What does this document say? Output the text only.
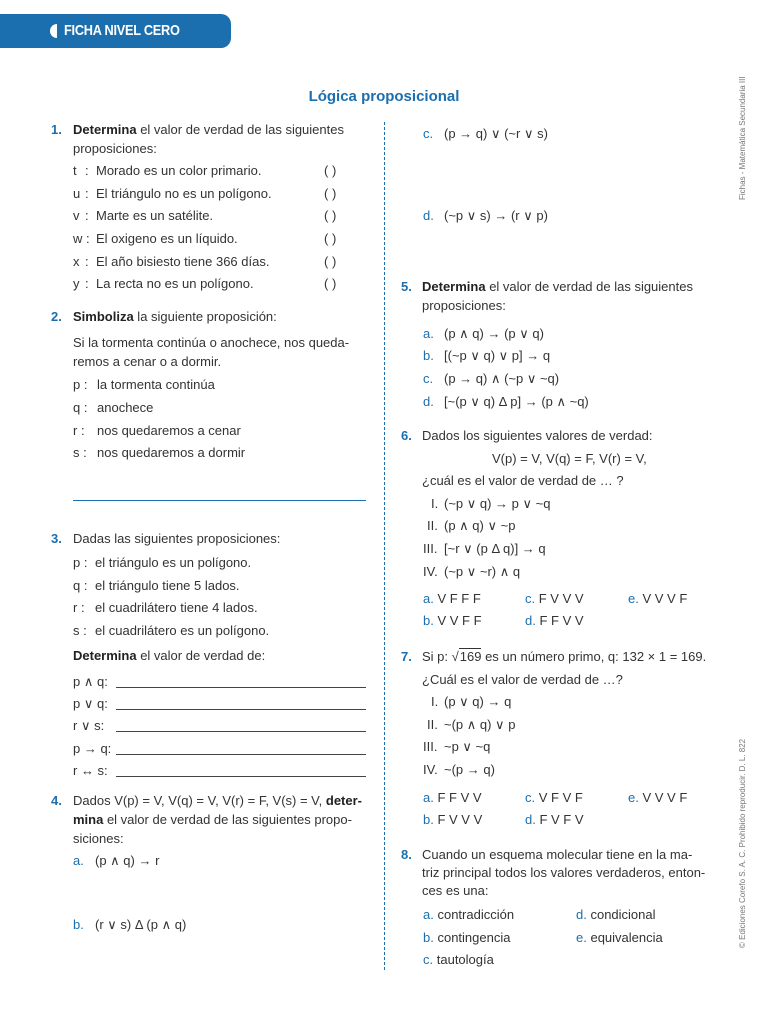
FICHA NIVEL CERO
Lógica proposicional	Fichas - Matemática Secundaria III
© Ediciones Corefo S. A. C. Prohibido reproducir. D. L. 822
1. Determina el valor de verdad de las siguientes
proposiciones:
t : Morado es un color primario.	( )
u : El triángulo no es un polígono.	( )
v : Marte es un satélite.	( )
w : El oxigeno es un líquido.	( )
x : El año bisiesto tiene 366 días.	( )
y : La recta no es un polígono.	( )
2. Simboliza la siguiente proposición:
Si la tormenta continúa o anochece, nos queda-
remos a cenar o a dormir.
p : la tormenta continúa
q : anochece
r : nos quedaremos a cenar
s : nos quedaremos a dormir
3. Dadas las siguientes proposiciones:
p : el triángulo es un polígono.
q : el triángulo tiene 5 lados.
r : el cuadrilátero tiene 4 lados.
s : el cuadrilátero es un polígono.
Determina el valor de verdad de:
p ∧ q:
p ∨ q:
r ∨ s:
p → q:
r ↔ s:
4. Dados V(p) = V, V(q) = V, V(r) = F, V(s) = V, deter-
mina el valor de verdad de las siguientes propo-
siciones:
a. (p ∧ q) → r
b. (r ∨ s) Δ (p ∧ q)
c. (p → q) ∨ (~r ∨ s)
d. (~p ∨ s) → (r ∨ p)
5. Determina el valor de verdad de las siguientes
proposiciones:
a. (p ∧ q) → (p ∨ q)
b. [(~p ∨ q) ∨ p] → q
c. (p → q) ∧ (~p ∨ ~q)
d. [~(p ∨ q) Δ p] → (p ∧ ~q)
6. Dados los siguientes valores de verdad:
V(p) = V, V(q) = F, V(r) = V,
¿cuál es el valor de verdad de … ?
I. (~p ∨ q) → p ∨ ~q
II. (p ∧ q) ∨ ~p
III. [~r ∨ (p Δ q)] → q
IV. (~p ∨ ~r) ∧ q
a. V F F F	c. F V V V	e. V V V F
b. V V F F	d. F F V V
7. Si p: √169 es un número primo, q: 132 × 1 = 169.
¿Cuál es el valor de verdad de …?
I. (p ∨ q) → q
II. ~(p ∧ q) ∨ p
III. ~p ∨ ~q
IV. ~(p → q)
a. F F V V	c. V F V F	e. V V V F
b. F V V V	d. F V F V
8. Cuando un esquema molecular tiene en la ma-
triz principal todos los valores verdaderos, enton-
ces es una:
a. contradicción	d. condicional
b. contingencia	e. equivalencia
c. tautología
